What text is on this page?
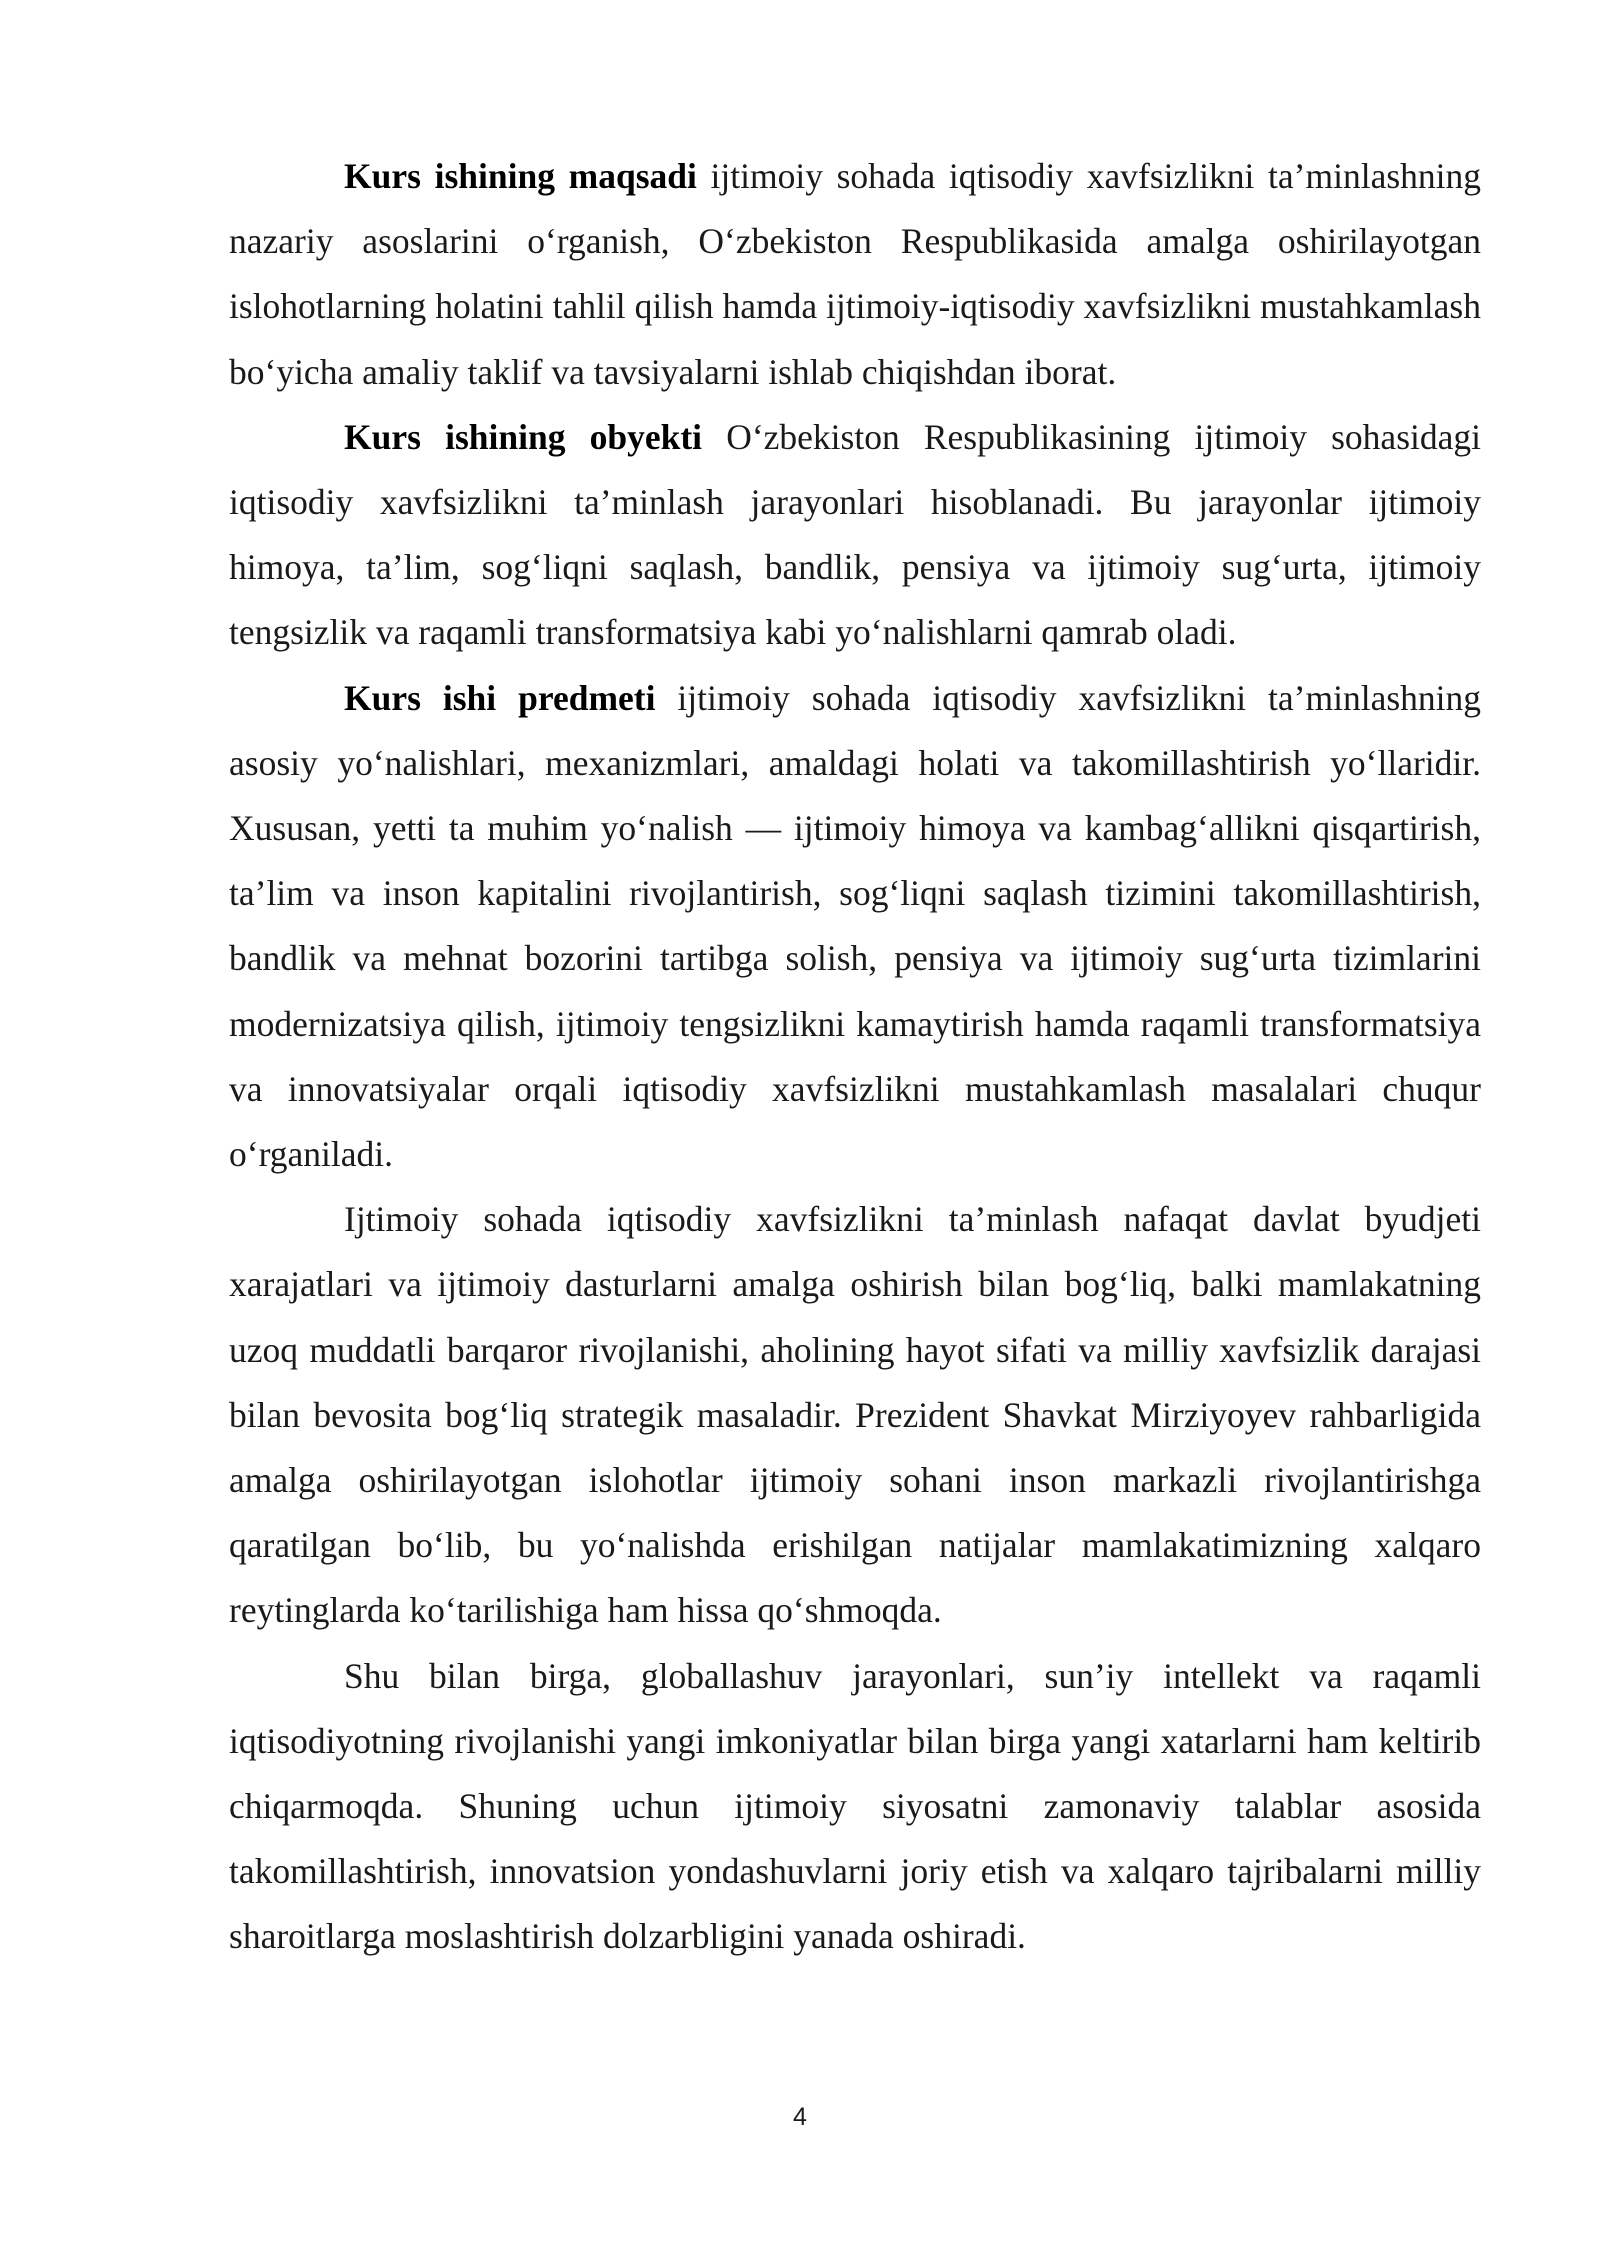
Kurs ishining maqsadi ijtimoiy sohada iqtisodiy xavfsizlikni ta’minlashning nazariy asoslarini o‘rganish, O‘zbekiston Respublikasida amalga oshirilayotgan islohotlarning holatini tahlil qilish hamda ijtimoiy-iqtisodiy xavfsizlikni mustahkamlash bo‘yicha amaliy taklif va tavsiyalarni ishlab chiqishdan iborat.

Kurs ishining obyekti O‘zbekiston Respublikasining ijtimoiy sohasidagi iqtisodiy xavfsizlikni ta’minlash jarayonlari hisoblanadi. Bu jarayonlar ijtimoiy himoya, ta’lim, sog‘liqni saqlash, bandlik, pensiya va ijtimoiy sug‘urta, ijtimoiy tengsizlik va raqamli transformatsiya kabi yo‘nalishlarni qamrab oladi.

Kurs ishi predmeti ijtimoiy sohada iqtisodiy xavfsizlikni ta’minlashning asosiy yo‘nalishlari, mexanizmlari, amaldagi holati va takomillashtirish yo‘llaridir. Xususan, yetti ta muhim yo‘nalish — ijtimoiy himoya va kambag‘allikni qisqartirish, ta’lim va inson kapitalini rivojlantirish, sog‘liqni saqlash tizimini takomillashtirish, bandlik va mehnat bozorini tartibga solish, pensiya va ijtimoiy sug‘urta tizimlarini modernizatsiya qilish, ijtimoiy tengsizlikni kamaytirish hamda raqamli transformatsiya va innovatsiyalar orqali iqtisodiy xavfsizlikni mustahkamlash masalalari chuqur o‘rganiladi.

Ijtimoiy sohada iqtisodiy xavfsizlikni ta’minlash nafaqat davlat byudjeti xarajatlari va ijtimoiy dasturlarni amalga oshirish bilan bog‘liq, balki mamlakatning uzoq muddatli barqaror rivojlanishi, aholining hayot sifati va milliy xavfsizlik darajasi bilan bevosita bog‘liq strategik masaladir. Prezident Shavkat Mirziyoyev rahbarligida amalga oshirilayotgan islohotlar ijtimoiy sohani inson markazli rivojlantirishga qaratilgan bo‘lib, bu yo‘nalishda erishilgan natijalar mamlakatimizning xalqaro reytinglarda ko‘tarilishiga ham hissa qo‘shmoqda.

Shu bilan birga, globallashuv jarayonlari, sun’iy intellekt va raqamli iqtisodiyotning rivojlanishi yangi imkoniyatlar bilan birga yangi xatarlarni ham keltirib chiqarmoqda. Shuning uchun ijtimoiy siyosatni zamonaviy talablar asosida takomillashtirish, innovatsion yondashuvlarni joriy etish va xalqaro tajribalarni milliy sharoitlarga moslashtirish dolzarbligini yanada oshiradi.

4
